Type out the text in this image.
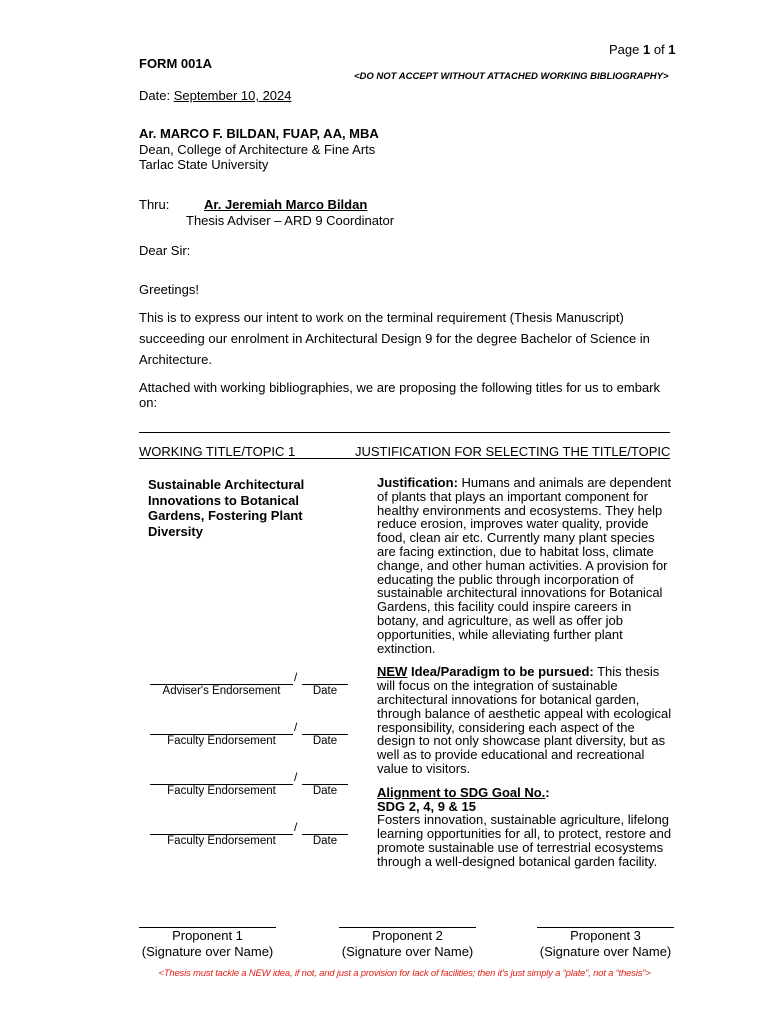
Page 1 of 1
FORM 001A
<DO NOT ACCEPT WITHOUT ATTACHED WORKING BIBLIOGRAPHY>
Date: September 10, 2024
Ar. MARCO F. BILDAN, FUAP, AA, MBA
Dean, College of Architecture & Fine Arts
Tarlac State University
Thru:	Ar. Jeremiah Marco Bildan
Thesis Adviser – ARD 9 Coordinator
Dear Sir:
Greetings!
This is to express our intent to work on the terminal requirement (Thesis Manuscript) succeeding our enrolment in Architectural Design 9 for the degree Bachelor of Science in Architecture.
Attached with working bibliographies, we are proposing the following titles for us to embark on:
WORKING TITLE/TOPIC 1	JUSTIFICATION FOR SELECTING THE TITLE/TOPIC
Sustainable Architectural Innovations to Botanical Gardens, Fostering Plant Diversity

Justification: Humans and animals are dependent of plants that plays an important component for healthy environments and ecosystems. They help reduce erosion, improves water quality, provide food, clean air etc. Currently many plant species are facing extinction, due to habitat loss, climate change, and other human activities. A provision for educating the public through incorporation of sustainable architectural innovations for Botanical Gardens, this facility could inspire careers in botany, and agriculture, as well as offer job opportunities, while alleviating further plant extinction.

NEW Idea/Paradigm to be pursued: This thesis will focus on the integration of sustainable architectural innovations for botanical garden, through balance of aesthetic appeal with ecological responsibility, considering each aspect of the design to not only showcase plant diversity, but as well as to provide educational and recreational value to visitors.

Alignment to SDG Goal No.:
SDG 2, 4, 9 & 15
Fosters innovation, sustainable agriculture, lifelong learning opportunities for all, to protect, restore and promote sustainable use of terrestrial ecosystems through a well-designed botanical garden facility.

/
Adviser's Endorsement	Date
/
Faculty Endorsement	Date
/
Faculty Endorsement	Date
/
Faculty Endorsement	Date
Proponent 1
(Signature over Name)
Proponent 2
(Signature over Name)
Proponent 3
(Signature over Name)
<Thesis must tackle a NEW idea, if not, and just a provision for lack of facilities; then it's just simply a “plate”, not a “thesis”>
